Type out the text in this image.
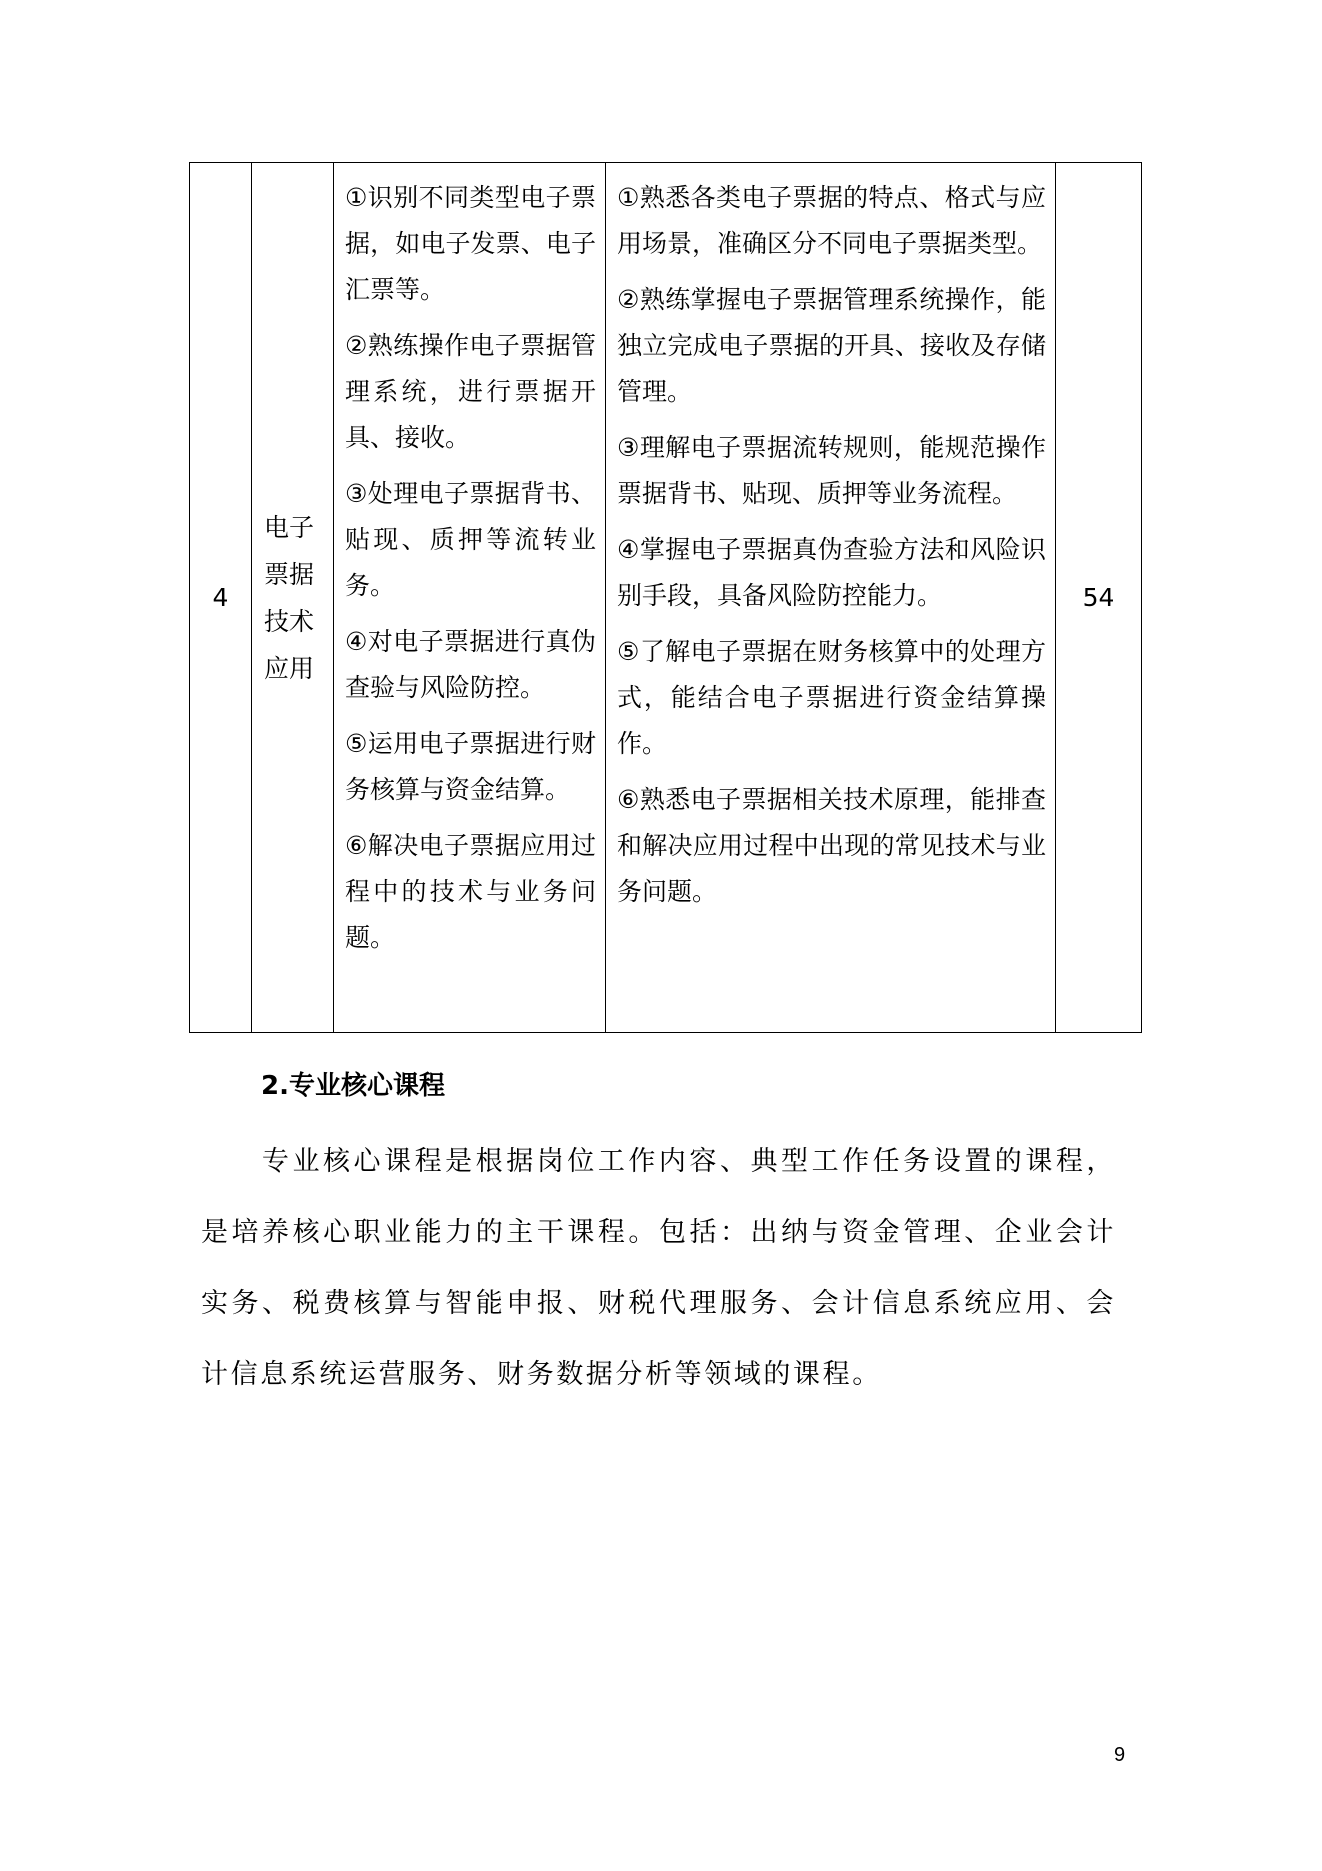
4	电子票据技术应用	
①识别不同类型电子票据，如电子发票、电子汇票等。
②熟练操作电子票据管理系统，进行票据开具、接收。
③处理电子票据背书、贴现、质押等流转业务。
④对电子票据进行真伪查验与风险防控。
⑤运用电子票据进行财务核算与资金结算。
⑥解决电子票据应用过程中的技术与业务问题。

①熟悉各类电子票据的特点、格式与应用场景，准确区分不同电子票据类型。
②熟练掌握电子票据管理系统操作，能独立完成电子票据的开具、接收及存储管理。
③理解电子票据流转规则，能规范操作票据背书、贴现、质押等业务流程。
④掌握电子票据真伪查验方法和风险识别手段，具备风险防控能力。
⑤了解电子票据在财务核算中的处理方式，能结合电子票据进行资金结算操作。
⑥熟悉电子票据相关技术原理，能排查和解决应用过程中出现的常见技术与业务问题。
	54
2.专业核心课程

专业核心课程是根据岗位工作内容、典型工作任务设置的课程，是培养核心职业能力的主干课程。包括：出纳与资金管理、企业会计实务、税费核算与智能申报、财税代理服务、会计信息系统应用、会计信息系统运营服务、财务数据分析等领域的课程。

9
